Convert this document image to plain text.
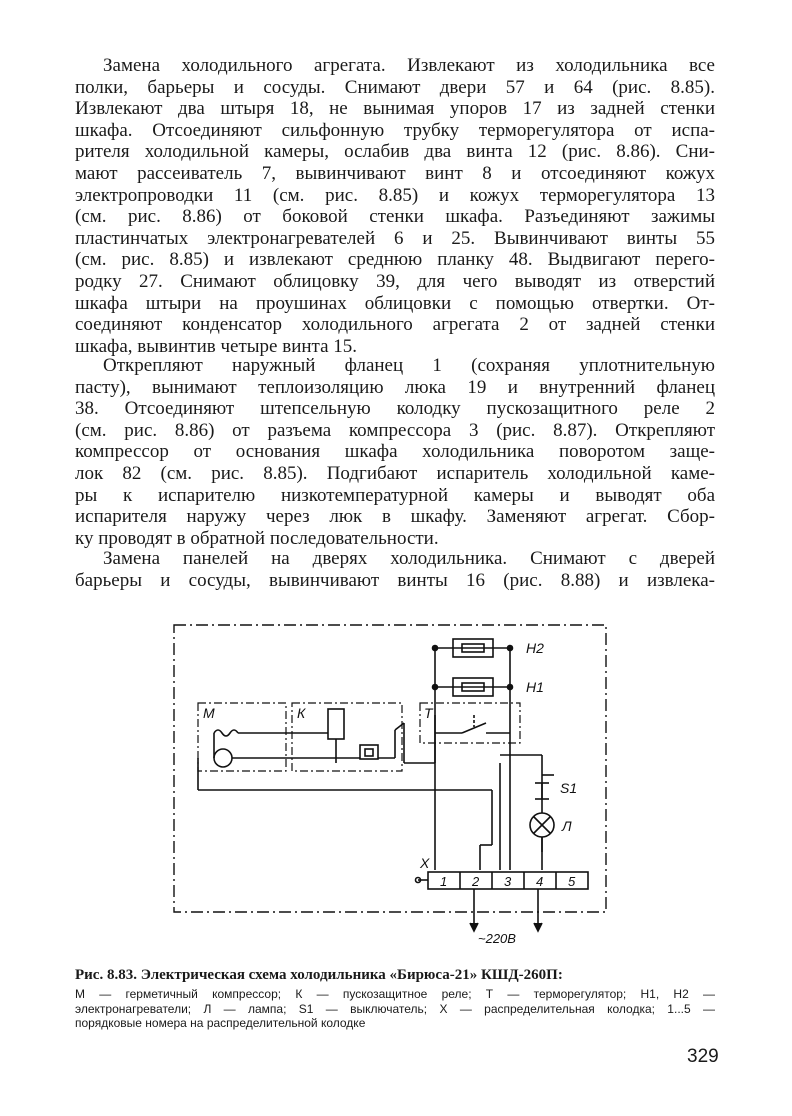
Замена холодильного агрегата. Извлекают из холодильника все
полки, барьеры и сосуды. Снимают двери 57 и 64 (рис. 8.85).
Извлекают два штыря 18, не вынимая упоров 17 из задней стенки
шкафа. Отсоединяют сильфонную трубку терморегулятора от испа-
рителя холодильной камеры, ослабив два винта 12 (рис. 8.86). Сни-
мают рассеиватель 7, вывинчивают винт 8 и отсоединяют кожух
электропроводки 11 (см. рис. 8.85) и кожух терморегулятора 13
(см. рис. 8.86) от боковой стенки шкафа. Разъединяют зажимы
пластинчатых электронагревателей 6 и 25. Вывинчивают винты 55
(см. рис. 8.85) и извлекают среднюю планку 48. Выдвигают перего-
родку 27. Снимают облицовку 39, для чего выводят из отверстий
шкафа штыри на проушинах облицовки с помощью отвертки. От-
соединяют конденсатор холодильного агрегата 2 от задней стенки
шкафа, вывинтив четыре винта 15.
Открепляют наружный фланец 1 (сохраняя уплотнительную
пасту), вынимают теплоизоляцию люка 19 и внутренний фланец
38. Отсоединяют штепсельную колодку пускозащитного реле 2
(см. рис. 8.86) от разъема компрессора 3 (рис. 8.87). Открепляют
компрессор от основания шкафа холодильника поворотом защe-
лок 82 (см. рис. 8.85). Подгибают испаритель холодильной каме-
ры к испарителю низкотемпературной камеры и выводят оба
испарителя наружу через люк в шкафу. Заменяют агрегат. Сбор-
ку проводят в обратной последовательности.
Замена панелей на дверях холодильника. Снимают с дверей
барьеры и сосуды, вывинчивают винты 16 (рис. 8.88) и извлека-
Н2
Н1
Т
М	К
S1
Л
X
1 2 3 4 5
~220В
Рис. 8.83. Электрическая схема холодильника «Бирюса-21» КШД-260П:
М — герметичный компрессор; К — пускозащитное реле; Т — терморегулятор; Н1, Н2 —
электронагреватели; Л — лампа; S1 — выключатель; X — распределительная колодка; 1...5 —
порядковые номера на распределительной колодке
329
